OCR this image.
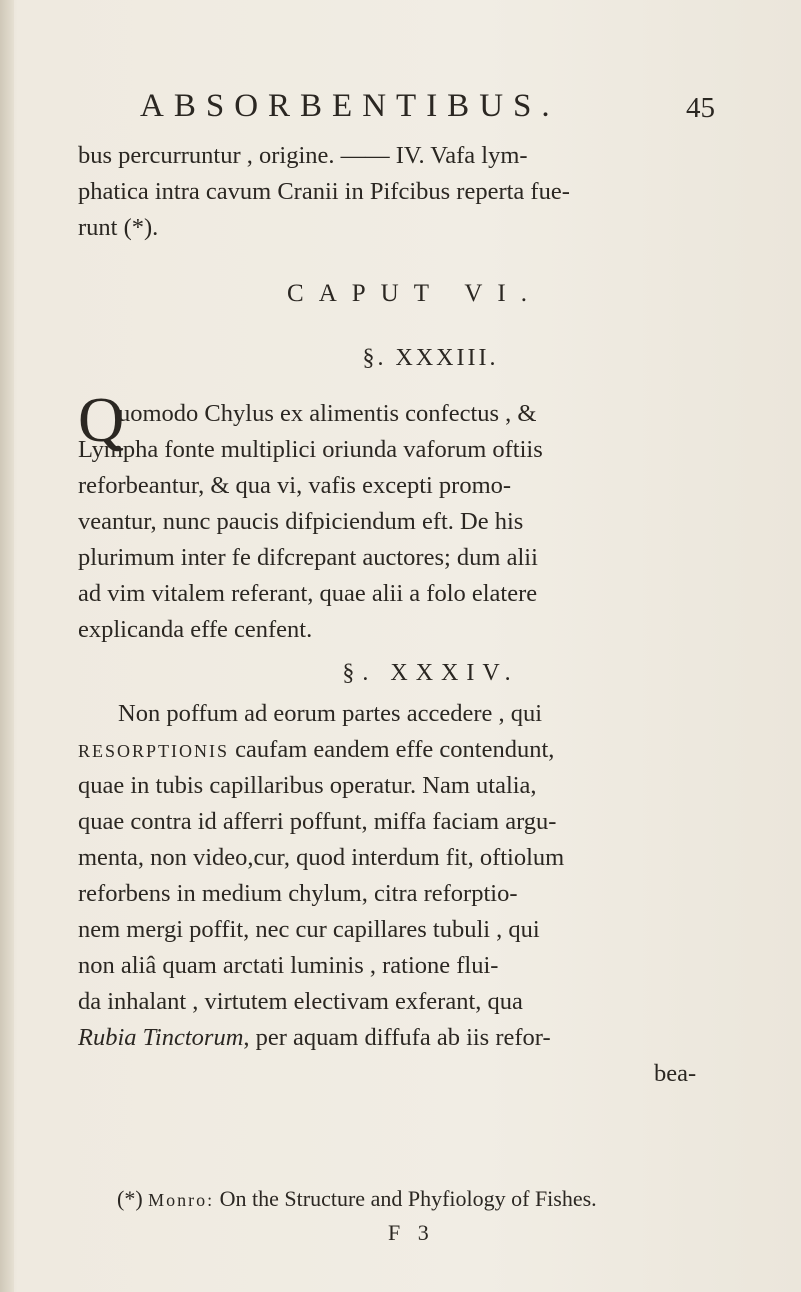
ABSORBENTIBUS.	45
bus percurruntur , origine. —— IV. Vafa lym-
phatica intra cavum Cranii in Pifcibus reperta fue-
runt (*).
CAPUT VI.
§. XXXIII.
Q
uomodo Chylus ex alimentis confectus , &
Lympha fonte multiplici oriunda vaforum oftiis
reforbeantur, & qua vi, vafis excepti promo-
veantur, nunc paucis difpiciendum eft. De his
plurimum inter fe difcrepant auctores; dum alii
ad vim vitalem referant, quae alii a folo elatere
explicanda effe cenfent.
§. XXXIV.
Non poffum ad eorum partes accedere , qui
RESORPTIONIS caufam eandem effe contendunt,
quae in tubis capillaribus operatur. Nam utalia,
quae contra id afferri poffunt, miffa faciam argu-
menta, non video,cur, quod interdum fit, oftiolum
reforbens in medium chylum, citra reforptio-
nem mergi poffit, nec cur capillares tubuli , qui
non aliâ quam arctati luminis , ratione flui-
da inhalant , virtutem electivam exferant, qua
Rubia Tinctorum, per aquam diffufa ab iis refor-
bea-
(*) Monro: On the Structure and Phyfiology of Fishes.
F 3
